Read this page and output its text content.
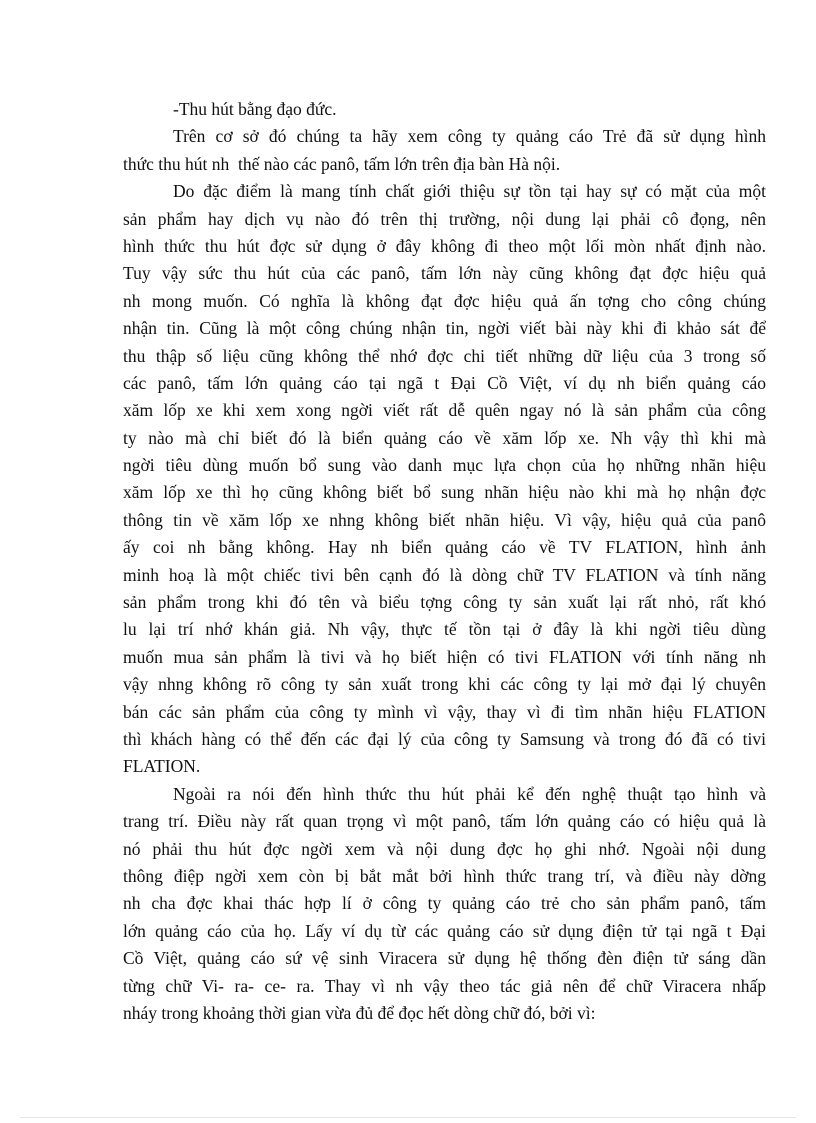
-Thu hút bằng đạo đức.
Trên cơ sở đó chúng ta hãy xem công ty quảng cáo Trẻ đã sử dụng hình
thức thu hút nh  thế nào các panô, tấm lớn trên địa bàn Hà nội.
Do đặc điểm là mang tính chất giới thiệu sự tồn tại hay sự có mặt của một
sản phẩm hay dịch vụ nào đó trên thị trường, nội dung lại phải cô đọng, nên
hình thức thu hút đợc sử dụng ở đây không đi theo một lối mòn nhất định nào.
Tuy vậy sức thu hút của các panô, tấm lớn này cũng không đạt đợc hiệu quả
nh mong muốn. Có nghĩa là không đạt đợc hiệu quả ấn tợng cho công chúng
nhận tin. Cũng là một công chúng nhận tin, ngời viết bài này khi đi khảo sát để
thu thập số liệu cũng không thể nhớ đợc chi tiết những dữ liệu của 3 trong số
các panô, tấm lớn quảng cáo tại ngã t Đại Cồ Việt, ví dụ nh biển quảng cáo
xăm lốp xe khi xem xong ngời viết rất dễ quên ngay nó là sản phẩm của công
ty nào mà chỉ biết đó là biển quảng cáo về xăm lốp xe. Nh vậy thì khi mà
ngời tiêu dùng muốn bổ sung vào danh mục lựa chọn của họ những nhãn hiệu
xăm lốp xe thì họ cũng không biết bổ sung nhãn hiệu nào khi mà họ nhận đợc
thông tin về xăm lốp xe nhng không biết nhãn hiệu. Vì vậy, hiệu quả của panô
ấy coi nh bằng không. Hay nh biển quảng cáo về TV FLATION, hình ảnh
minh hoạ là một chiếc tivi bên cạnh đó là dòng chữ TV FLATION và tính năng
sản phẩm trong khi đó tên và biểu tợng công ty sản xuất lại rất nhỏ, rất khó
lu lại trí nhớ khán giả. Nh vậy, thực tế tồn tại ở đây là khi ngời tiêu dùng
muốn mua sản phẩm là tivi và họ biết hiện có tivi FLATION với tính năng nh
vậy nhng không rõ công ty sản xuất trong khi các công ty lại mở đại lý chuyên
bán các sản phẩm của công ty mình vì vậy, thay vì đi tìm nhãn hiệu FLATION
thì khách hàng có thể đến các đại lý của công ty Samsung và trong đó đã có tivi
FLATION.
Ngoài ra nói đến hình thức thu hút phải kể đến nghệ thuật tạo hình và
trang trí. Điều này rất quan trọng vì một panô, tấm lớn quảng cáo có hiệu quả là
nó phải thu hút đợc ngời xem và nội dung đợc họ ghi nhớ. Ngoài nội dung
thông điệp ngời xem còn bị bắt mắt bởi hình thức trang trí, và điều này dờng
nh cha đợc khai thác hợp lí ở công ty quảng cáo trẻ cho sản phẩm panô, tấm
lớn quảng cáo của họ. Lấy ví dụ từ các quảng cáo sử dụng điện tử tại ngã t Đại
Cồ Việt, quảng cáo sứ vệ sinh Viracera sử dụng hệ thống đèn điện tử sáng dần
từng chữ Vi- ra- ce- ra. Thay vì nh vậy theo tác giả nên để chữ Viracera nhấp
nháy trong khoảng thời gian vừa đủ để đọc hết dòng chữ đó, bởi vì:
